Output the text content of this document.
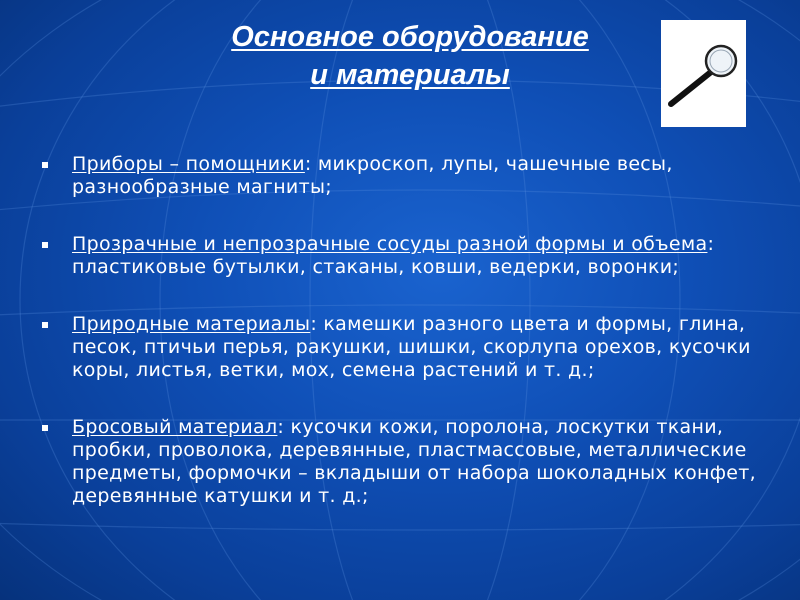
Основное оборудование
и материалы
Приборы – помощники: микроскоп, лупы, чашечные весы, разнообразные магниты;
Прозрачные и непрозрачные сосуды разной формы и объема: пластиковые бутылки, стаканы, ковши, ведерки, воронки;
Природные материалы: камешки разного цвета и формы, глина, песок, птичьи перья, ракушки, шишки, скорлупа орехов, кусочки коры, листья, ветки, мох, семена растений и т. д.;
Бросовый материал: кусочки кожи, поролона, лоскутки ткани, пробки, проволока, деревянные, пластмассовые, металлические предметы, формочки – вкладыши от набора шоколадных конфет, деревянные катушки и т. д.;
